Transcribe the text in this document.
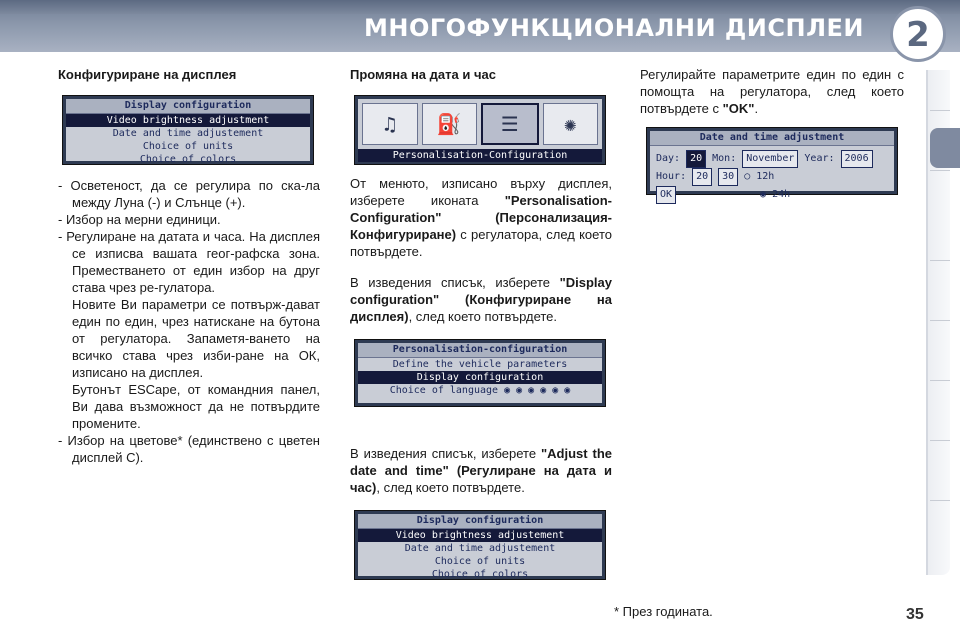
МНОГОФУНКЦИОНАЛНИ ДИСПЛЕИ	2

Конфигуриране на дисплея

Display configuration
Video brightness adjustment
Date and time adjustement
Choice of units
Choice of colors

- Осветеност, да се регулира по ска-ла между Луна (-) и Слънце (+).

- Избор на мерни единици.

- Регулиране на датата и часа. На дисплея се изписва вашата геог-рафска зона. Преместването от един избор на друг става чрез ре-гулатора.

Новите Ви параметри се потвърж-дават един по един, чрез натискане на бутона от регулатора. Запаметя-ването на всичко става чрез изби-ране на ОК, изписано на дисплея.

Бутонът ESCape, от командния панел, Ви дава възможност да не потвърдите промените.

- Избор на цветове* (единствено с цветен дисплей C).

Промяна на дата и час

♫	⛽	☰	✺
Personalisation-Configuration

От менюто, изписано върху дисплея, изберете иконата "Personalisation-Configuration" (Персонализация-Конфигуриране) с регулатора, след което потвърдете.

В изведения списък, изберете "Display configuration" (Конфигуриране на дисплея), след което потвърдете.

Personalisation-configuration
Define the vehicle parameters
Display configuration
Choice of language ◉ ◉ ◉ ◉ ◉ ◉

В изведения списък, изберете "Adjust the date and time" (Регулиране на дата и час), след което потвърдете.

Display configuration
Video brightness adjustement
Date and time adjustement
Choice of units
Choice of colors

Регулирайте параметрите един по един с помощта на регулатора, след което потвърдете с "OK".

Date and time adjustment
Day:	20	Mon:	November	Year:	2006
Hour:	20	30	○ 12h
OK	◉ 24h
* През годината.	35
